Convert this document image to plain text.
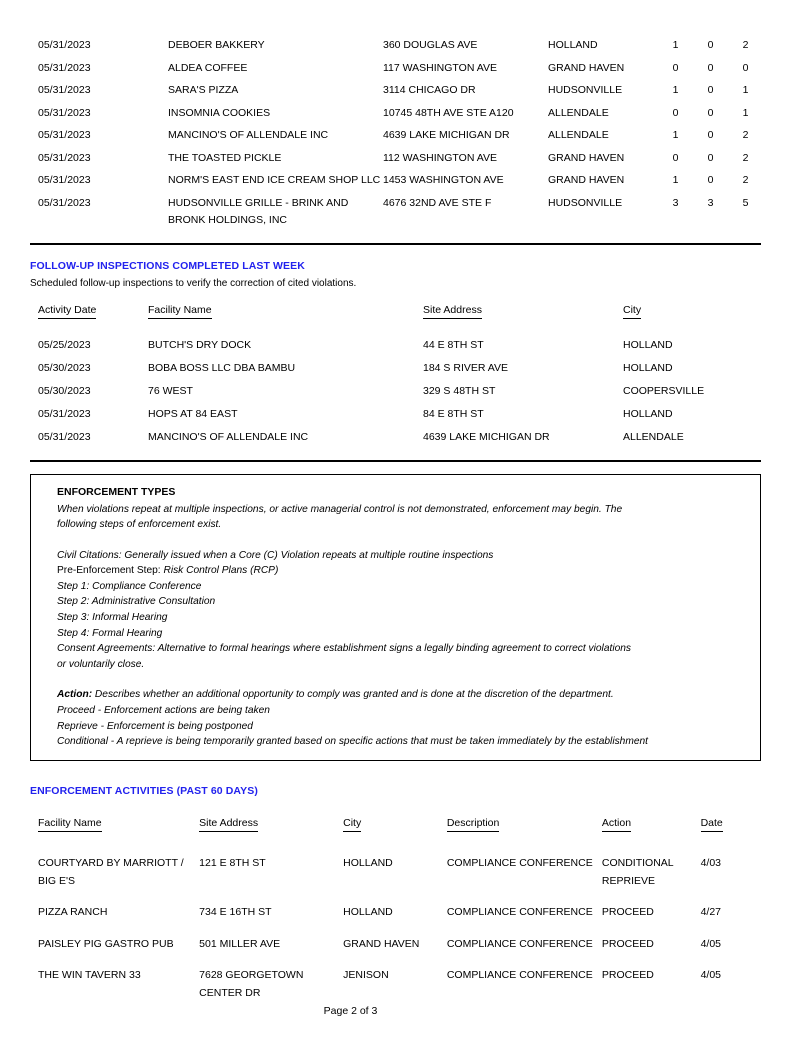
05/31/2023	DEBOER BAKKERY	360 DOUGLAS AVE	HOLLAND	1	0	2
05/31/2023	ALDEA COFFEE	117 WASHINGTON AVE	GRAND HAVEN	0	0	0
05/31/2023	SARA'S PIZZA	3114 CHICAGO DR	HUDSONVILLE	1	0	1
05/31/2023	INSOMNIA COOKIES	10745 48TH AVE STE A120	ALLENDALE	0	0	1
05/31/2023	MANCINO'S OF ALLENDALE INC	4639 LAKE MICHIGAN DR	ALLENDALE	1	0	2
05/31/2023	THE TOASTED PICKLE	112 WASHINGTON AVE	GRAND HAVEN	0	0	2
05/31/2023	NORM'S EAST END ICE CREAM SHOP LLC	1453 WASHINGTON AVE	GRAND HAVEN	1	0	2
05/31/2023	HUDSONVILLE GRILLE - BRINK AND BRONK HOLDINGS, INC	4676 32ND AVE STE F	HUDSONVILLE	3	3	5
FOLLOW-UP INSPECTIONS COMPLETED LAST WEEK
Scheduled follow-up inspections to verify the correction of cited violations.
Activity Date	Facility Name	Site Address	City

05/25/2023	BUTCH'S DRY DOCK	44 E 8TH ST	HOLLAND
05/30/2023	BOBA BOSS LLC DBA BAMBU	184 S RIVER AVE	HOLLAND
05/30/2023	76 WEST	329 S 48TH ST	COOPERSVILLE
05/31/2023	HOPS AT 84 EAST	84 E 8TH ST	HOLLAND
05/31/2023	MANCINO'S OF ALLENDALE INC	4639 LAKE MICHIGAN DR	ALLENDALE
ENFORCEMENT TYPES
When violations repeat at multiple inspections, or active managerial control is not demonstrated, enforcement may begin. The following steps of enforcement exist.
Civil Citations: Generally issued when a Core (C) Violation repeats at multiple routine inspections
Pre-Enforcement Step: Risk Control Plans (RCP)
Step 1: Compliance Conference
Step 2: Administrative Consultation
Step 3: Informal Hearing
Step 4: Formal Hearing
Consent Agreements: Alternative to formal hearings where establishment signs a legally binding agreement to correct violations or voluntarily close.
Action: Describes whether an additional opportunity to comply was granted and is done at the discretion of the department.
Proceed - Enforcement actions are being taken
Reprieve - Enforcement is being postponed
Conditional - A reprieve is being temporarily granted based on specific actions that must be taken immediately by the establishment
ENFORCEMENT ACTIVITIES (PAST 60 DAYS)
Facility Name	Site Address	City	Description	Action	Date

COURTYARD BY MARRIOTT / BIG E'S	121 E 8TH ST	HOLLAND	COMPLIANCE CONFERENCE	CONDITIONAL REPRIEVE	4/03
PIZZA RANCH	734 E 16TH ST	HOLLAND	COMPLIANCE CONFERENCE	PROCEED	4/27
PAISLEY PIG GASTRO PUB	501 MILLER AVE	GRAND HAVEN	COMPLIANCE CONFERENCE	PROCEED	4/05
THE WIN TAVERN 33	7628 GEORGETOWN CENTER DR	JENISON	COMPLIANCE CONFERENCE	PROCEED	4/05
Page 2 of 3
